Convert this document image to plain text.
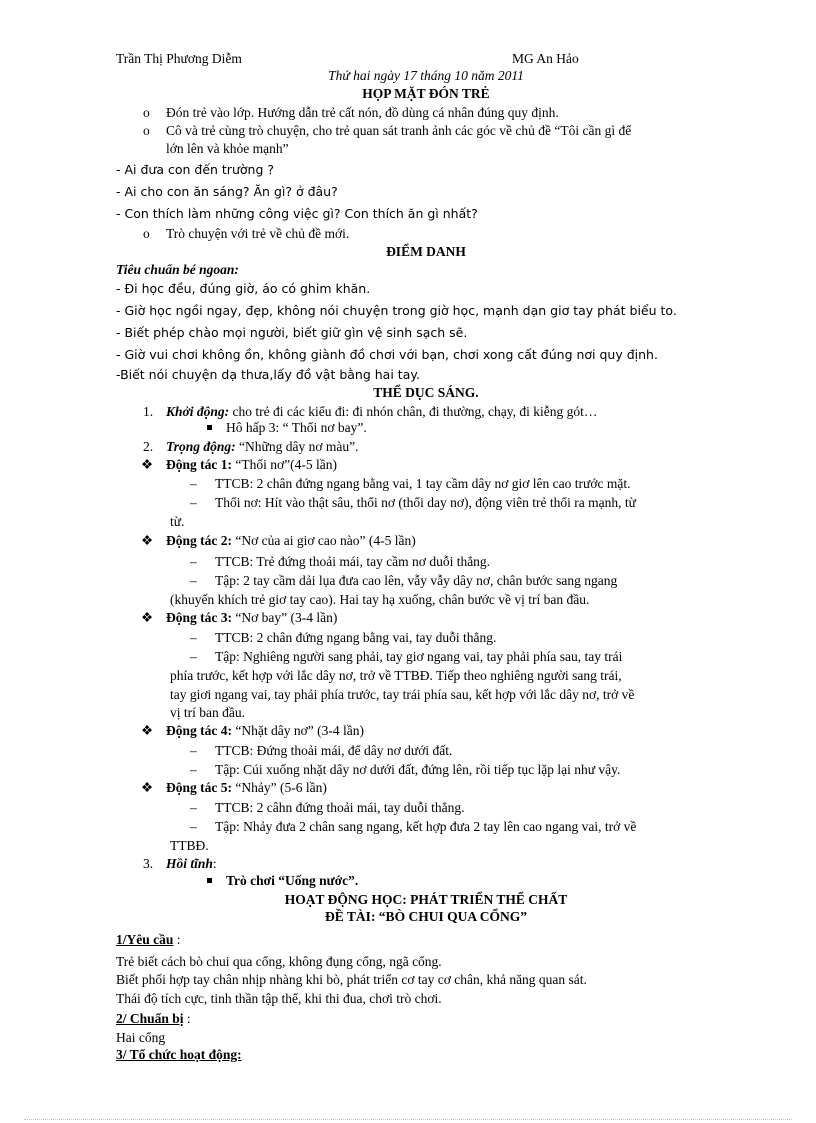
Trần Thị Phương Diễm	MG An Hảo
Thứ hai ngày 17 tháng 10 năm 2011
HỌP MẶT ĐÓN TRẺ
o Đón trẻ vào lớp. Hướng dẫn trẻ cất nón, đồ dùng cá nhân đúng quy định.
o Cô và trẻ cùng trò chuyện, cho trẻ quan sát tranh ảnh các góc về chủ đề “Tôi cần gì để
lớn lên và khỏe mạnh”
- Ai đưa con đến trường ?
- Ai cho con ăn sáng? Ăn gì? ở đâu?
- Con thích làm những công việc gì? Con thích ăn gì nhất?
o Trò chuyện với trẻ về chủ đề mới.
ĐIỂM DANH
Tiêu chuẩn bé ngoan:
- Đi học đều, đúng giờ, áo có ghim khăn.
- Giờ học ngồi ngay, đẹp, không nói chuyện trong giờ học, mạnh dạn giơ tay phát biểu to.
- Biết phép chào mọi người, biết giữ gìn vệ sinh sạch sẽ.
- Giờ vui chơi không ồn, không giành đồ chơi với bạn, chơi xong cất đúng nơi quy định.
-Biết nói chuyện dạ thưa,lấy đồ vật bằng hai tay.
THỂ DỤC SÁNG.
1. Khởi động: cho trẻ đi các kiểu đi: đi nhón chân, đi thường, chạy, đi kiễng gót…
Hô hấp 3: “ Thổi nơ bay”.
2. Trọng động: “Những dây nơ màu”.
❖ Động tác 1: “Thổi nơ”(4-5 lần)
– TTCB: 2 chân đứng ngang bằng vai, 1 tay cầm dây nơ giơ lên cao trước mặt.
– Thổi nơ: Hít vào thật sâu, thổi nơ (thổi day nơ), động viên trẻ thổi ra mạnh, từ
từ.
❖ Động tác 2: “Nơ của ai giơ cao nào” (4-5 lần)
– TTCB: Trẻ đứng thoải mái, tay cầm nơ duỗi thẳng.
– Tập: 2 tay cầm dải lụa đưa cao lên, vẫy vẫy dây nơ, chân bước sang ngang
(khuyến khích trẻ giơ tay cao). Hai tay hạ xuống, chân bước về vị trí ban đầu.
❖ Động tác 3: “Nơ bay” (3-4 lần)
– TTCB: 2 chân đứng ngang bằng vai, tay duỗi thẳng.
– Tập: Nghiêng người sang phải, tay giơ ngang vai, tay phải phía sau, tay trái
phía trước, kết hợp với lắc dây nơ, trở về TTBĐ. Tiếp theo nghiêng người sang trái,
tay giơi ngang vai, tay phải phía trước, tay trái phía sau, kết hợp với lắc dây nơ, trở về
vị trí ban đầu.
❖ Động tác 4: “Nhặt dây nơ” (3-4 lần)
– TTCB: Đứng thoải mái, để dây nơ dưới đất.
– Tập: Cúi xuống nhặt dây nơ dưới đất, đứng lên, rồi tiếp tục lặp lại như vậy.
❖ Động tác 5: “Nhảy” (5-6 lần)
– TTCB: 2 câhn đứng thoải mái, tay duỗi thẳng.
– Tập: Nhảy đưa 2 chân sang ngang, kết hợp đưa 2 tay lên cao ngang vai, trở về
TTBĐ.
3. Hồi tĩnh:
Trò chơi “Uống nước”.
HOẠT ĐỘNG HỌC: PHÁT TRIỂN THỂ CHẤT
ĐỀ TÀI: “BÒ CHUI QUA CỔNG”
1/Yêu cầu :
Trẻ biết cách bò chui qua cổng, không đụng cổng, ngã cổng.
Biết phối hợp tay chân nhịp nhàng khi bò, phát triển cơ tay cơ chân, khả năng quan sát.
Thái độ tích cực, tinh thần tập thể, khi thi đua, chơi trò chơi.
2/ Chuẩn bị :
Hai cổng
3/ Tổ chức hoạt động:
